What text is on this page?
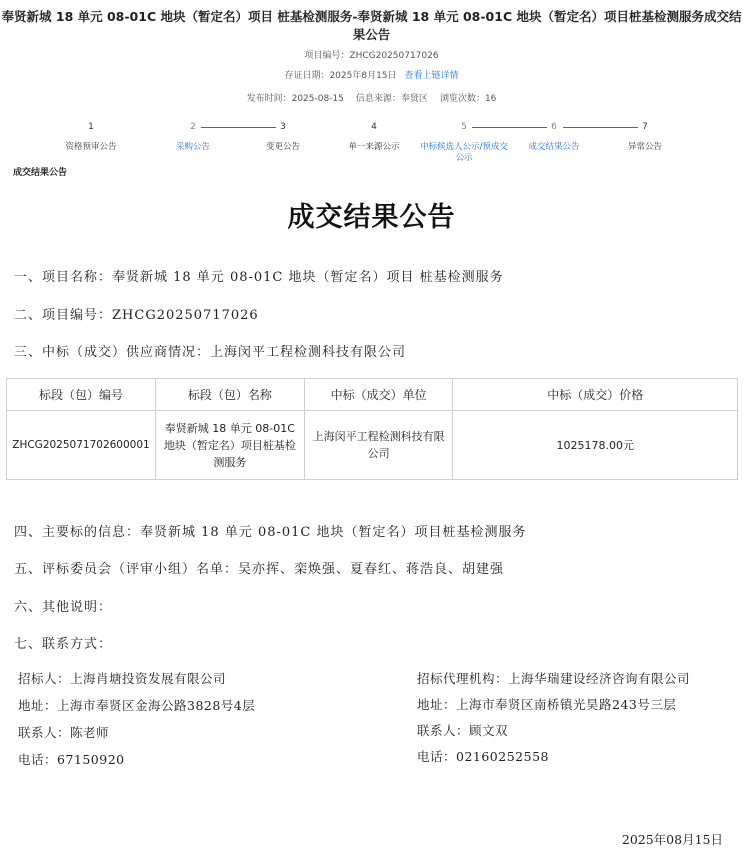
奉贤新城 18 单元 08-01C 地块（暂定名）项目 桩基检测服务-奉贤新城 18 单元 08-01C 地块（暂定名）项目桩基检测服务成交结果公告
项目编号：ZHCG20250717026
存证日期：2025年8月15日 查看上链详情
发布时间：2025-08-15 信息来源：奉贤区 浏览次数：16
1
资格预审公告
2
采购公告
3
变更公告
4
单一来源公示
5
中标候选人公示/预成交公示
6
成交结果公告
7
异常公告
成交结果公告
成交结果公告
一、项目名称：奉贤新城 18 单元 08-01C 地块（暂定名）项目 桩基检测服务
二、项目编号：ZHCG20250717026
三、中标（成交）供应商情况：上海闵平工程检测科技有限公司
标段（包）编号	标段（包）名称	中标（成交）单位	中标（成交）价格
ZHCG2025071702600001	奉贤新城 18 单元 08-01C 地块（暂定名）项目桩基检测服务	上海闵平工程检测科技有限公司	1025178.00元
四、主要标的信息：奉贤新城 18 单元 08-01C 地块（暂定名）项目桩基检测服务
五、评标委员会（评审小组）名单：吴亦挥、栾焕强、夏春红、蒋浩良、胡建强
六、其他说明：
七、联系方式：
招标人：上海肖塘投资发展有限公司
地址：上海市奉贤区金海公路3828号4层
联系人：陈老师
电话：67150920
招标代理机构：上海华瑞建设经济咨询有限公司
地址：上海市奉贤区南桥镇光昊路243号三层
联系人：顾文双
电话：02160252558
2025年08月15日
